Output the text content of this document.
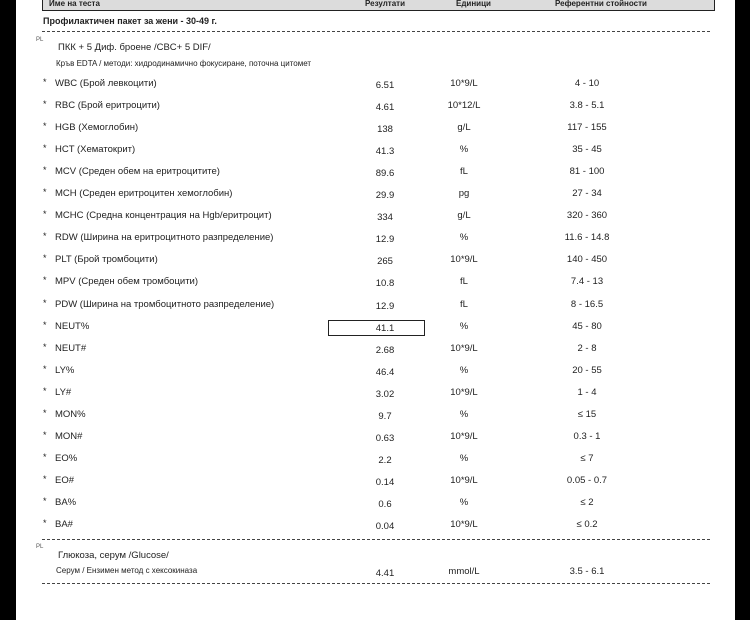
Име на теста	Резултати	Единици	Референтни стойности
Профилактичен пакет за жени - 30-49 г.
PL
ПКК + 5 Диф. броене /CBC+ 5 DIF/
Кръв EDTA / методи: хидродинамично фокусиране, поточна цитомет
* WBC (Брой левкоцити)	6.51	10*9/L	4 - 10
* RBC (Брой еритроцити)	4.61	10*12/L	3.8 - 5.1
* HGB (Хемоглобин)	138	g/L	117 - 155
* HCT (Хематокрит)	41.3	%	35 - 45
* MCV (Среден обем на еритроцитите)	89.6	fL	81 - 100
* MCH (Среден еритроцитен хемоглобин)	29.9	pg	27 - 34
* MCHC (Средна концентрация на Hgb/еритроцит)	334	g/L	320 - 360
* RDW (Ширина на еритроцитното разпределение)	12.9	%	11.6 - 14.8
* PLT (Брой тромбоцити)	265	10*9/L	140 - 450
* MPV (Среден обем тромбоцити)	10.8	fL	7.4 - 13
* PDW (Ширина на тромбоцитното разпределение)	12.9	fL	8 - 16.5
* NEUT%	41.1	%	45 - 80
* NEUT#	2.68	10*9/L	2 - 8
* LY%	46.4	%	20 - 55
* LY#	3.02	10*9/L	1 - 4
* MON%	9.7	%	≤ 15
* MON#	0.63	10*9/L	0.3 - 1
* EO%	2.2	%	≤ 7
* EO#	0.14	10*9/L	0.05 - 0.7
* BA%	0.6	%	≤ 2
* BA#	0.04	10*9/L	≤ 0.2
PL
Глюкоза, серум /Glucose/
Серум / Ензимен метод с хексокиназа	4.41	mmol/L	3.5 - 6.1
